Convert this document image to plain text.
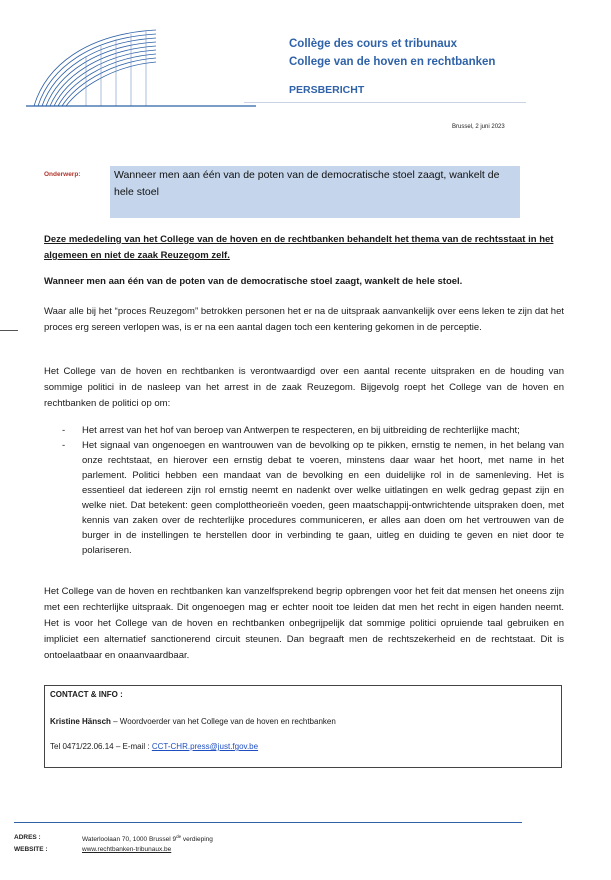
Collège des cours et tribunaux
College van de hoven en rechtbanken
PERSBERICHT
Brussel, 2 juni 2023
Onderwerp:	Wanneer men aan één van de poten van de democratische stoel zaagt, wankelt de hele stoel
Deze mededeling van het College van de hoven en de rechtbanken behandelt het thema van de rechtsstaat in het algemeen en niet de zaak Reuzegom zelf.
Wanneer men aan één van de poten van de democratische stoel zaagt, wankelt de hele stoel.
Waar alle bij het “proces Reuzegom” betrokken personen het er na de uitspraak aanvankelijk over eens leken te zijn dat het proces erg sereen verlopen was, is er na een aantal dagen toch een kentering gekomen in de perceptie.
Het College van de hoven en rechtbanken is verontwaardigd over een aantal recente uitspraken en de houding van sommige politici in de nasleep van het arrest in de zaak Reuzegom. Bijgevolg roept het College van de hoven en rechtbanken de politici op om:

- Het arrest van het hof van beroep van Antwerpen te respecteren, en bij uitbreiding de rechterlijke macht;

- Het signaal van ongenoegen en wantrouwen van de bevolking op te pikken, ernstig te nemen, in het belang van onze rechtstaat, en hierover een ernstig debat te voeren, minstens daar waar het hoort, met name in het parlement. Politici hebben een mandaat van de bevolking en een duidelijke rol in de samenleving. Het is essentieel dat iedereen zijn rol ernstig neemt en nadenkt over welke uitlatingen en welk gedrag gepast zijn en welke niet. Dat betekent: geen complottheorieën voeden, geen maatschappij-ontwrichtende uitspraken doen, met kennis van zaken over de rechterlijke procedures communiceren, er alles aan doen om het vertrouwen van de burger in de instellingen te herstellen door in verbinding te gaan, uitleg en duiding te geven en niet door te polariseren.

Het College van de hoven en rechtbanken kan vanzelfsprekend begrip opbrengen voor het feit dat mensen het oneens zijn met een rechterlijke uitspraak. Dit ongenoegen mag er echter nooit toe leiden dat men het recht in eigen handen neemt. Het is voor het College van de hoven en rechtbanken onbegrijpelijk dat sommige politici opruiende taal gebruiken en impliciet een alternatief sanctionerend circuit steunen. Dan begraaft men de rechtszekerheid en de rechtstaat. Dit is ontoelaatbaar en onaanvaardbaar.
CONTACT & INFO :
Kristine Hänsch – Woordvoerder van het College van de hoven en rechtbanken
Tel 0471/22.06.14 – E-mail : CCT-CHR.press@just.fgov.be
ADRES :	Waterloolaan 70, 1000 Brussel 9de verdieping
WEBSITE :	www.rechtbanken-tribunaux.be
